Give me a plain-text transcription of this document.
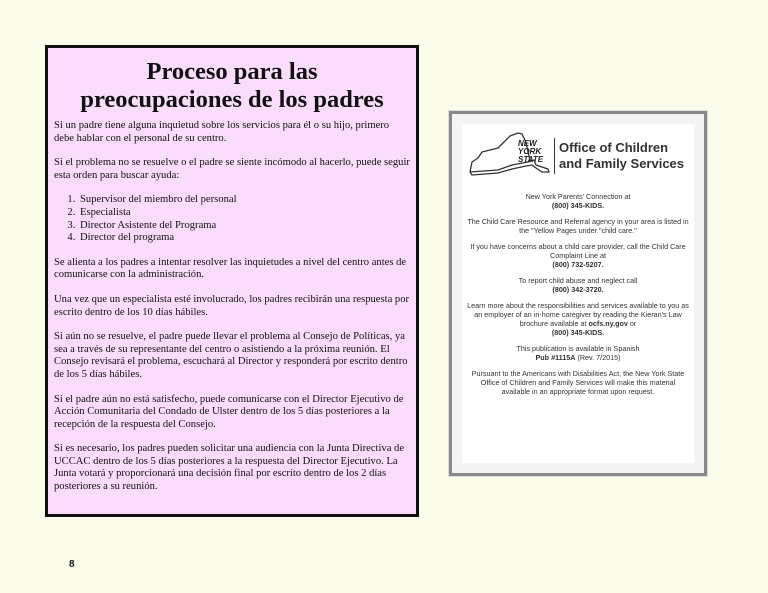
Proceso para las
preocupaciones de los padres

Si un padre tiene alguna inquietud sobre los servicios para él o su hijo, primero debe hablar con el personal de su centro.

Si el problema no se resuelve o el padre se siente incómodo al hacerlo, puede seguir esta orden para buscar ayuda:

1. Supervisor del miembro del personal
2. Especialista
3. Director Asistente del Programa
4. Director del programa

Se alienta a los padres a intentar resolver las inquietudes a nivel del centro antes de comunicarse con la administración.

Una vez que un especialista esté involucrado, los padres recibirán una respuesta por escrito dentro de los 10 días hábiles.

Si aún no se resuelve, el padre puede llevar el problema al Consejo de Políticas, ya sea a través de su representante del centro o asistiendo a la próxima reunión. El Consejo revisará el problema, escuchará al Director y responderá por escrito dentro de los 5 días hábiles.

Si el padre aún no está satisfecho, puede comunicarse con el Director Ejecutivo de Acción Comunitaria del Condado de Ulster dentro de los 5 días posteriores a la recepción de la respuesta del Consejo.

Si es necesario, los padres pueden solicitar una audiencia con la Junta Directiva de UCCAC dentro de los 5 días posteriores a la respuesta del Director Ejecutivo. La Junta votará y proporcionará una decisión final por escrito dentro de los 2 días posteriores a su reunión.

NEW
YORK
STATE
Office of Children
and Family Services

New York Parents' Connection at
(800) 345-KIDS.

The Child Care Resource and Referral agency in your area is listed in the "Yellow Pages under "child care."

If you have concerns about a child care provider, call the Child Care Complaint Line at
(800) 732-5207.

To report child abuse and neglect call
(800) 342-3720.

Learn more about the responsibilities and services available to you as an employer of an in-home caregiver by reading the Kieran's Law brochure available at ocfs.ny.gov or
(800) 345-KIDS.

This publication is available in Spanish
Pub #1115A (Rev. 7/2015)

Pursuant to the Americans with Disabilities Act, the New York State Office of Children and Family Services will make this material available in an appropriate format upon request.

8
